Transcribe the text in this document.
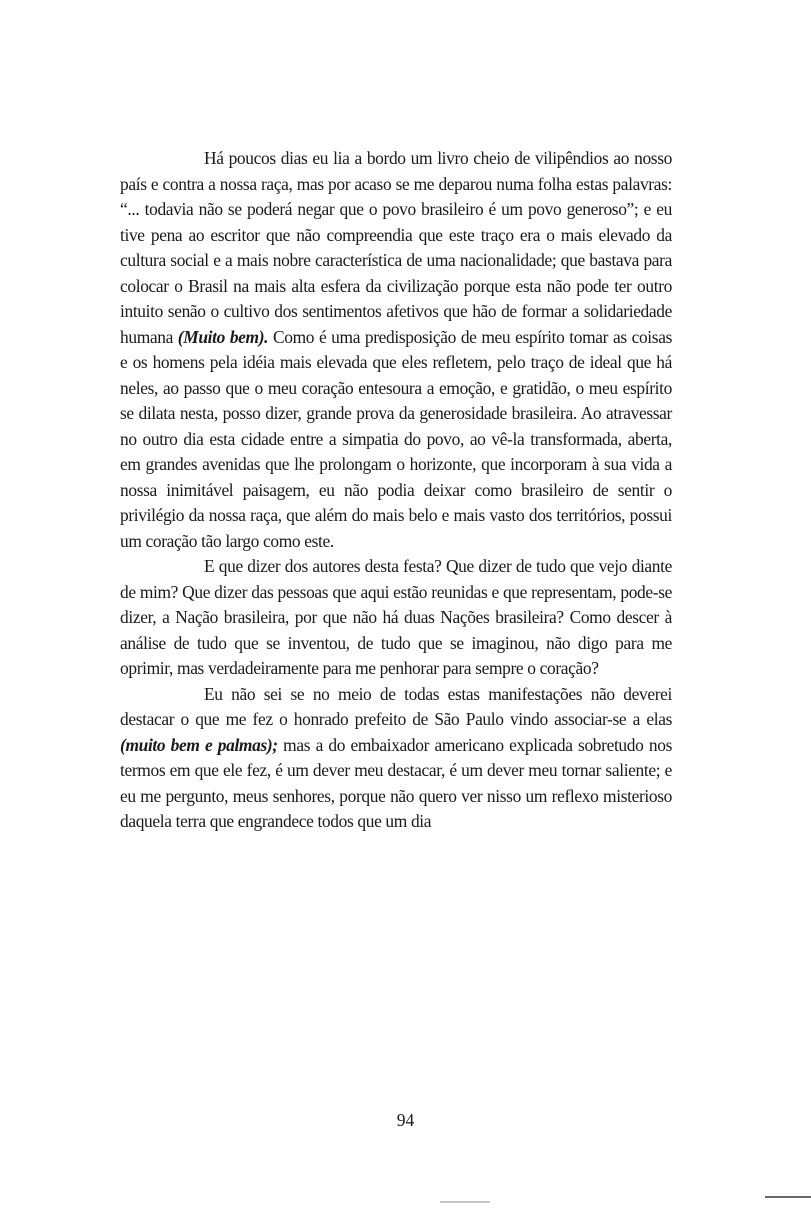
Há poucos dias eu lia a bordo um livro cheio de vilipêndios ao nosso país e contra a nossa raça, mas por acaso se me deparou numa folha estas palavras: “... todavia não se poderá negar que o povo brasileiro é um povo generoso”; e eu tive pena ao escritor que não compreendia que este traço era o mais elevado da cultura social e a mais nobre característica de uma nacionalidade; que bastava para colocar o Brasil na mais alta esfera da civilização porque esta não pode ter outro intuito senão o cultivo dos sentimentos afetivos que hão de formar a solidariedade humana (Muito bem). Como é uma predisposição de meu espírito tomar as coisas e os homens pela idéia mais elevada que eles refletem, pelo traço de ideal que há neles, ao passo que o meu coração entesoura a emoção, e gratidão, o meu espírito se dilata nesta, posso dizer, grande prova da generosidade brasileira. Ao atravessar no outro dia esta cidade entre a simpatia do povo, ao vê-la transformada, aberta, em grandes avenidas que lhe prolongam o horizonte, que incorporam à sua vida a nossa inimitável paisagem, eu não podia deixar como brasileiro de sentir o privilégio da nossa raça, que além do mais belo e mais vasto dos territórios, possui um coração tão largo como este.

E que dizer dos autores desta festa? Que dizer de tudo que vejo diante de mim? Que dizer das pessoas que aqui estão reunidas e que representam, pode-se dizer, a Nação brasileira, por que não há duas Nações brasileira? Como descer à análise de tudo que se inventou, de tudo que se imaginou, não digo para me oprimir, mas verdadeiramente para me penhorar para sempre o coração?

Eu não sei se no meio de todas estas manifestações não deverei destacar o que me fez o honrado prefeito de São Paulo vindo associar-se a elas (muito bem e palmas); mas a do embaixador americano explicada sobretudo nos termos em que ele fez, é um dever meu destacar, é um dever meu tornar saliente; e eu me pergunto, meus senhores, porque não quero ver nisso um reflexo misterioso daquela terra que engrandece todos que um dia

94
